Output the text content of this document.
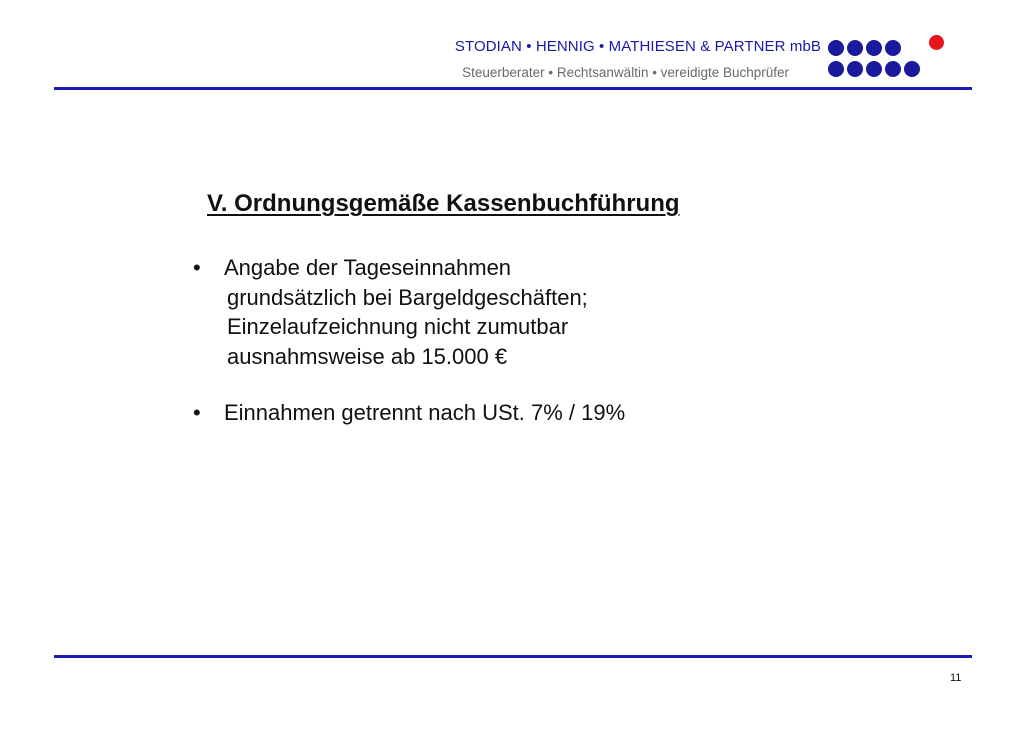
STODIAN • HENNIG • MATHIESEN & PARTNER mbB
Steuerberater • Rechtsanwältin • vereidigte Buchprüfer
V. Ordnungsgemäße Kassenbuchführung
• Angabe der Tageseinnahmen
grundsätzlich bei Bargeldgeschäften;
Einzelaufzeichnung nicht zumutbar
ausnahmsweise ab 15.000 €
• Einnahmen getrennt nach USt. 7% / 19%
11
